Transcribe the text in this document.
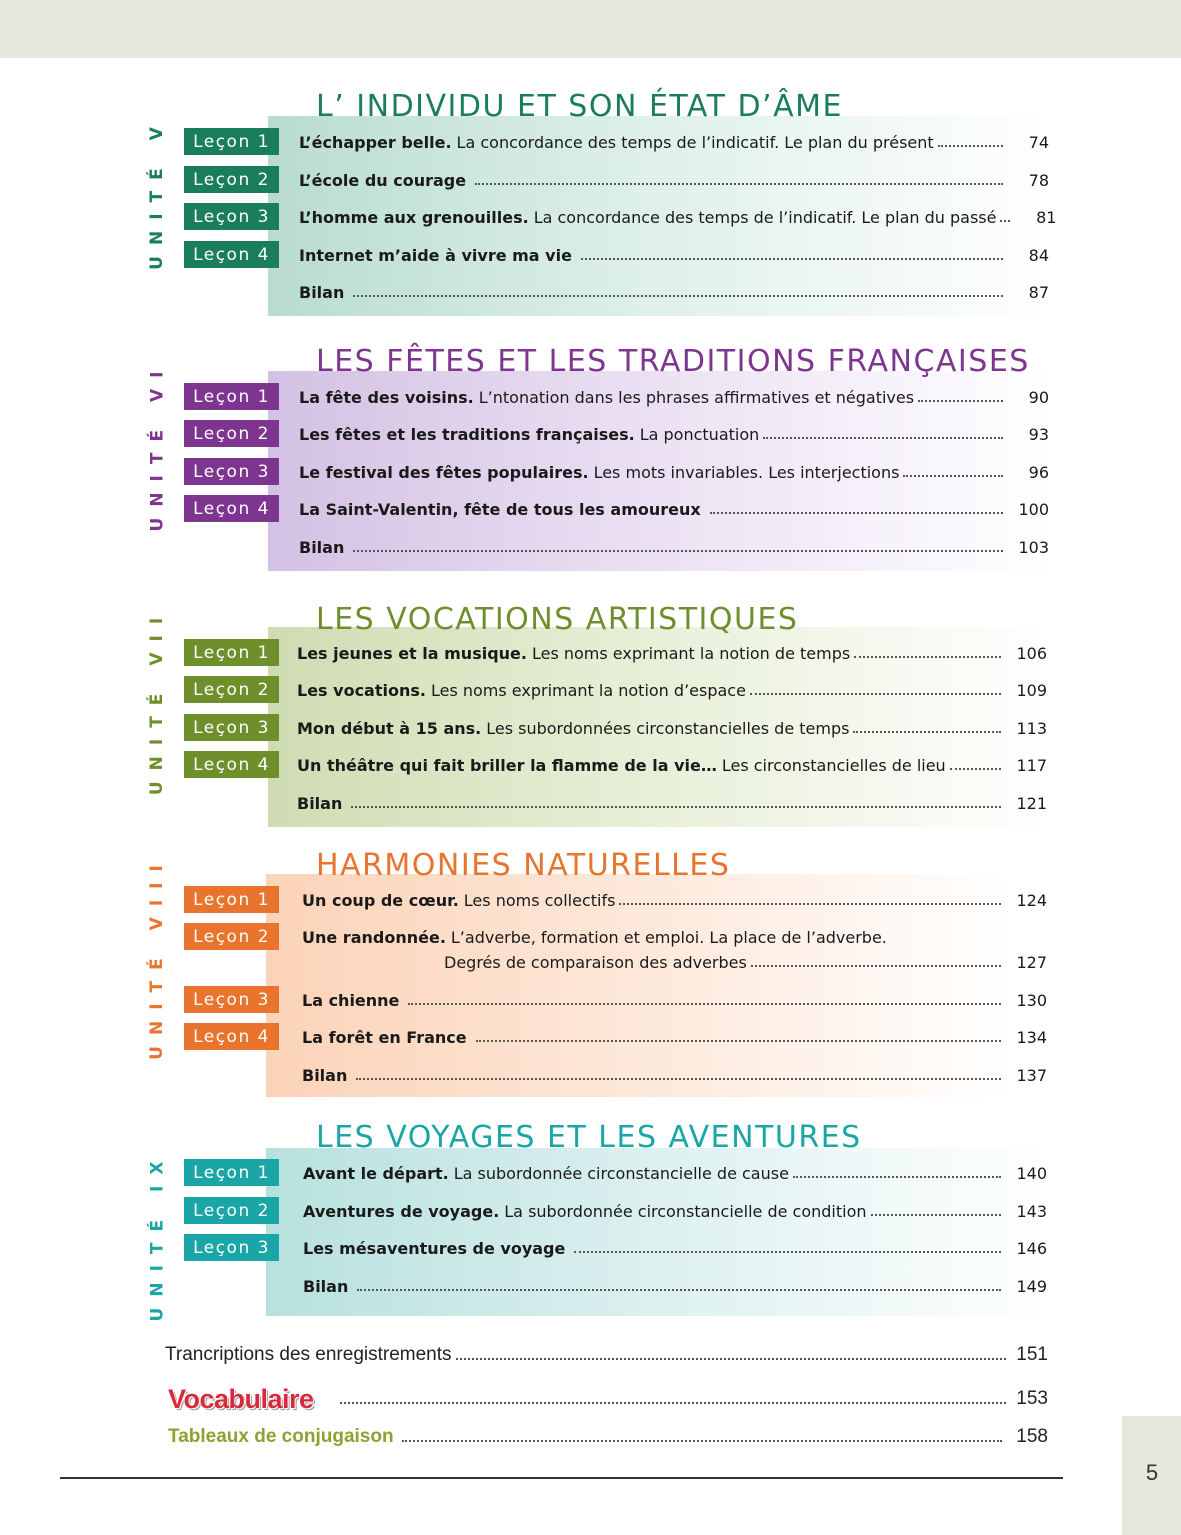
L’ INDIVIDU ET SON ÉTAT D’ÂME
UNITÉ V	Leçon 1	L’échapper belle. La concordance des temps de l’indicatif. Le plan du présent	74
Leçon 2	L’école du courage	78
Leçon 3	L’homme aux grenouilles. La concordance des temps de l’indicatif. Le plan du passé	81
Leçon 4	Internet m’aide à vivre ma vie	84
Bilan	87
LES FÊTES ET LES TRADITIONS FRANÇAISES
UNITÉ VI	Leçon 1	La fête des voisins. L’ntonation dans les phrases affirmatives et négatives	90
Leçon 2	Les fêtes et les traditions françaises. La ponctuation	93
Leçon 3	Le festival des fêtes populaires. Les mots invariables. Les interjections	96
Leçon 4	La Saint-Valentin, fête de tous les amoureux	100
Bilan	103
LES VOCATIONS ARTISTIQUES
UNITÉ VII	Leçon 1	Les jeunes et la musique. Les noms exprimant la notion de temps	106
Leçon 2	Les vocations. Les noms exprimant la notion d’espace	109
Leçon 3	Mon début à 15 ans. Les subordonnées circonstancielles de temps	113
Leçon 4	Un théâtre qui fait briller la flamme de la vie… Les circonstancielles de lieu	117
Bilan	121
HARMONIES NATURELLES
UNITÉ VIII	Leçon 1	Un coup de cœur. Les noms collectifs	124
Leçon 2	Une randonnée. L’adverbe, formation et emploi. La place de l’adverbe.
Degrés de comparaison des adverbes	127
Leçon 3	La chienne	130
Leçon 4	La forêt en France	134
Bilan	137
LES VOYAGES ET LES AVENTURES
UNITÉ IX	Leçon 1	Avant le départ. La subordonnée circonstancielle de cause	140
Leçon 2	Aventures de voyage. La subordonnée circonstancielle de condition	143
Leçon 3	Les mésaventures de voyage	146
Bilan	149
Trancriptions des enregistrements	151
Vocabulaire	153
Tableaux de conjugaison	158
5
